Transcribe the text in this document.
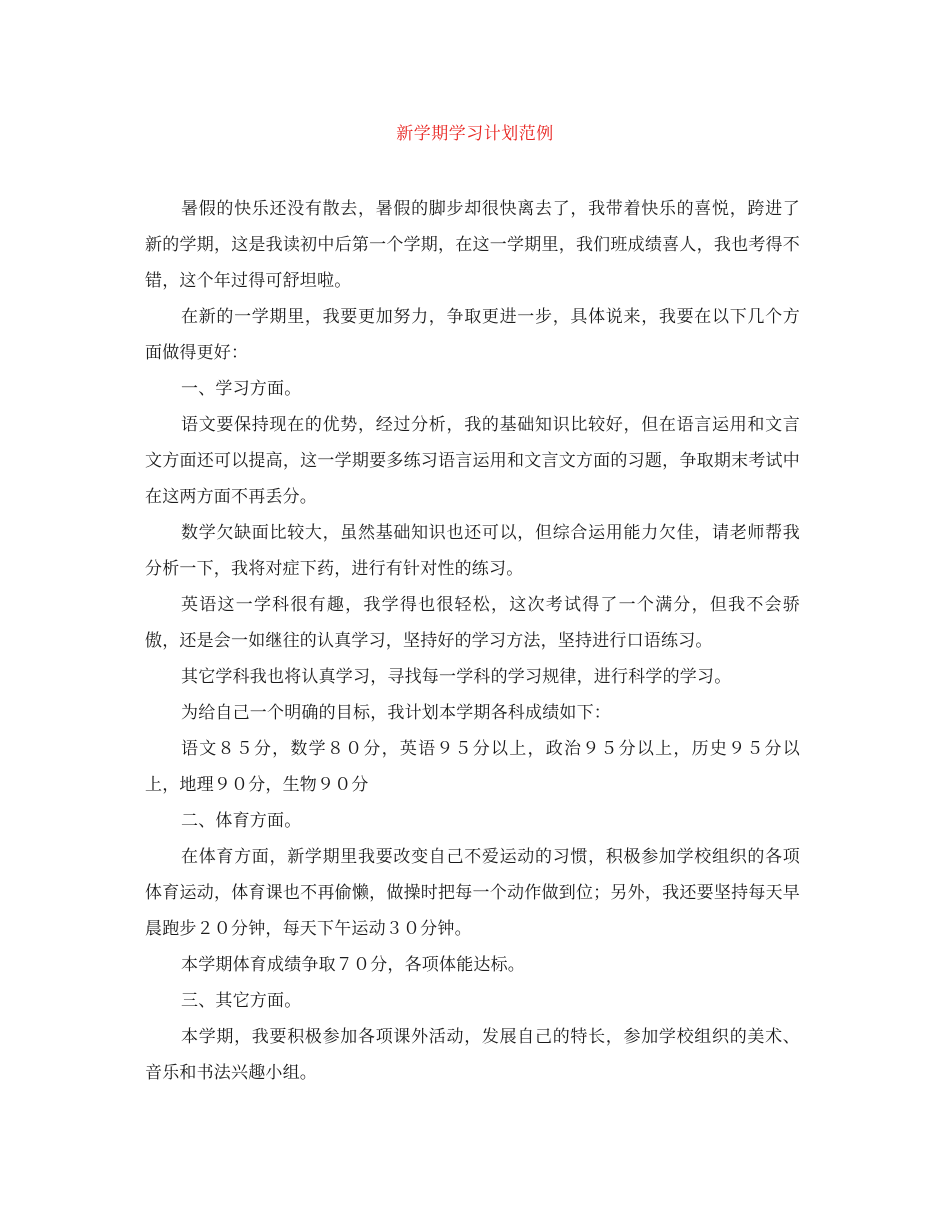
新学期学习计划范例

暑假的快乐还没有散去，暑假的脚步却很快离去了，我带着快乐的喜悦，跨进了新的学期，这是我读初中后第一个学期，在这一学期里，我们班成绩喜人，我也考得不错，这个年过得可舒坦啦。

在新的一学期里，我要更加努力，争取更进一步，具体说来，我要在以下几个方面做得更好：

一、学习方面。

语文要保持现在的优势，经过分析，我的基础知识比较好，但在语言运用和文言文方面还可以提高，这一学期要多练习语言运用和文言文方面的习题，争取期末考试中在这两方面不再丢分。

数学欠缺面比较大，虽然基础知识也还可以，但综合运用能力欠佳，请老师帮我分析一下，我将对症下药，进行有针对性的练习。

英语这一学科很有趣，我学得也很轻松，这次考试得了一个满分，但我不会骄傲，还是会一如继往的认真学习，坚持好的学习方法，坚持进行口语练习。

其它学科我也将认真学习，寻找每一学科的学习规律，进行科学的学习。

为给自己一个明确的目标，我计划本学期各科成绩如下：

语文８５分，数学８０分，英语９５分以上，政治９５分以上，历史９５分以上，地理９０分，生物９０分

二、体育方面。

在体育方面，新学期里我要改变自己不爱运动的习惯，积极参加学校组织的各项体育运动，体育课也不再偷懒，做操时把每一个动作做到位；另外，我还要坚持每天早晨跑步２０分钟，每天下午运动３０分钟。

本学期体育成绩争取７０分，各项体能达标。

三、其它方面。

本学期，我要积极参加各项课外活动，发展自己的特长，参加学校组织的美术、音乐和书法兴趣小组。
